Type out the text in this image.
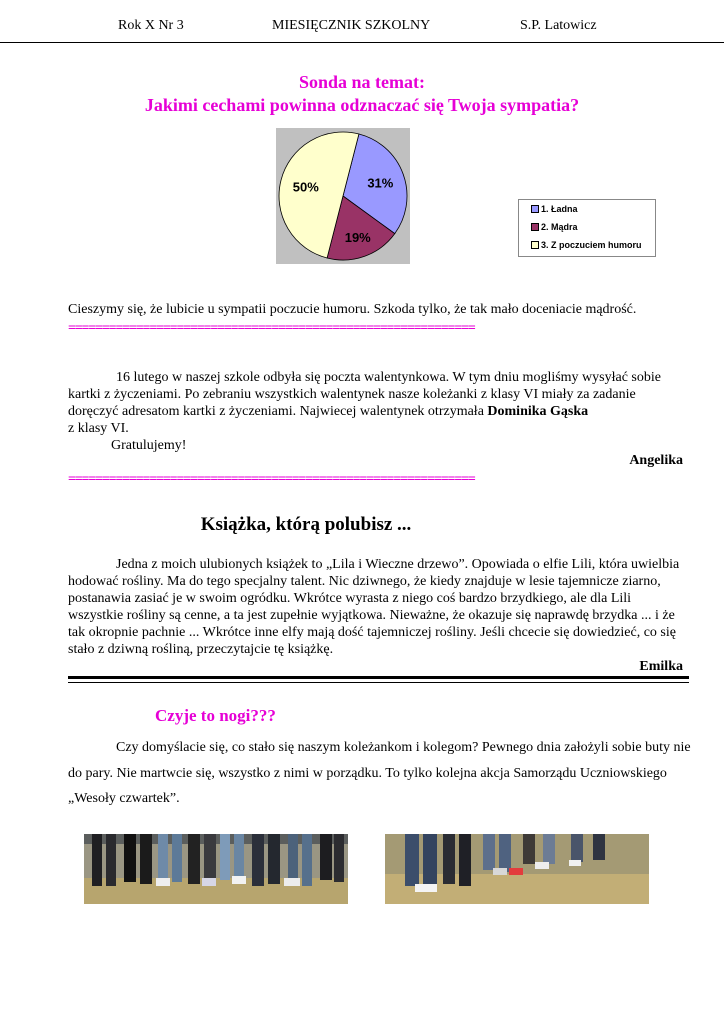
Rok X Nr 3	MIESIĘCZNIK SZKOLNY	S.P. Latowicz
Sonda na temat:
Jakimi cechami powinna odznaczać się Twoja sympatia?
31%
19%
50%
1. Ładna
2. Mądra
3. Z poczuciem humoru
Cieszymy się, że lubicie u sympatii poczucie humoru. Szkoda tylko, że tak mało doceniacie mądrość.
============================================================
16 lutego w naszej szkole odbyła się poczta walentynkowa. W tym dniu mogliśmy wysyłać sobie kartki z życzeniami. Po zebraniu wszystkich walentynek nasze koleżanki z klasy VI miały za zadanie doręczyć adresatom kartki z życzeniami. Najwiecej walentynek otrzymała Dominika Gąska
z klasy VI.
Gratulujemy!
Angelika
============================================================
Książka, którą polubisz ...
Jedna z moich ulubionych książek to „Lila i Wieczne drzewo”. Opowiada o elfie Lili, która uwielbia hodować rośliny. Ma do tego specjalny talent. Nic dziwnego, że kiedy znajduje w lesie tajemnicze ziarno, postanawia zasiać je w swoim ogródku. Wkrótce wyrasta z niego coś bardzo brzydkiego, ale dla Lili wszystkie rośliny są cenne, a ta jest zupełnie wyjątkowa. Nieważne, że okazuje się naprawdę brzydka ... i że tak okropnie pachnie ... Wkrótce inne elfy mają dość tajemniczej rośliny. Jeśli chcecie się dowiedzieć, co się stało z dziwną rośliną, przeczytajcie tę książkę.
Emilka
Czyje to nogi???
Czy domyślacie się, co stało się naszym koleżankom i kolegom? Pewnego dnia założyli sobie buty nie do pary. Nie martwcie się, wszystko z nimi w porządku. To tylko kolejna akcja Samorządu Uczniowskiego „Wesoły czwartek”.
